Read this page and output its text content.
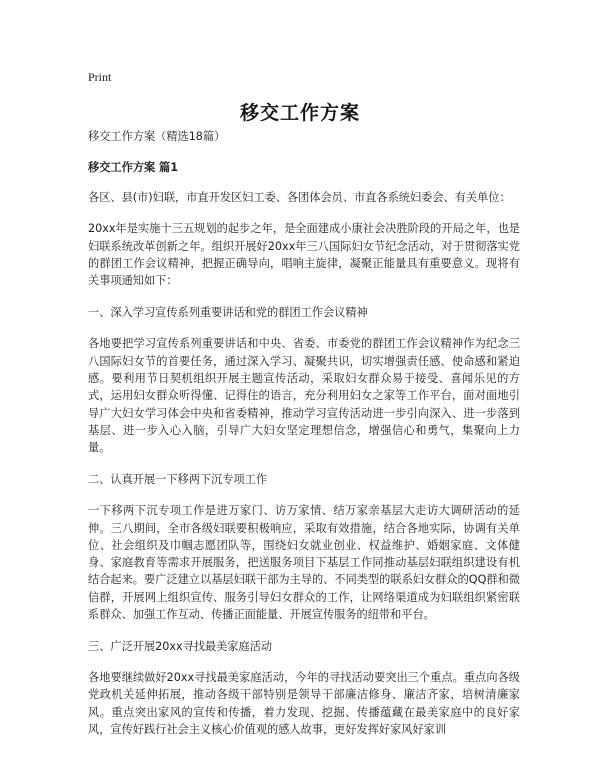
Print
移交工作方案

移交工作方案（精选18篇）

移交工作方案 篇1

各区、县(市)妇联，市直开发区妇工委、各团体会员、市直各系统妇委会、有关单位：

20xx年是实施十三五规划的起步之年，是全面建成小康社会决胜阶段的开局之年，也是妇联系统改革创新之年。组织开展好20xx年三八国际妇女节纪念活动，对于贯彻落实党的群团工作会议精神，把握正确导向，唱响主旋律，凝聚正能量具有重要意义。现将有关事项通知如下：

一、深入学习宣传系列重要讲话和党的群团工作会议精神

各地要把学习宣传系列重要讲话和中央、省委、市委党的群团工作会议精神作为纪念三八国际妇女节的首要任务，通过深入学习、凝聚共识，切实增强责任感、使命感和紧迫感。要利用节日契机组织开展主题宣传活动，采取妇女群众易于接受、喜闻乐见的方式，运用妇女群众听得懂、记得住的语言，充分利用妇女之家等工作平台，面对面地引导广大妇女学习体会中央和省委精神，推动学习宣传活动进一步引向深入、进一步落到基层、进一步入心入脑，引导广大妇女坚定理想信念，增强信心和勇气，集聚向上力量。

二、认真开展一下移两下沉专项工作

一下移两下沉专项工作是进万家门、访万家情、结万家亲基层大走访大调研活动的延伸。三八期间，全市各级妇联要积极响应，采取有效措施，结合各地实际，协调有关单位、社会组织及巾帼志愿团队等，围绕妇女就业创业、权益维护、婚姻家庭、文体健身、家庭教育等需求开展服务，把送服务项目下基层工作同推动基层妇联组织建设有机结合起来。要广泛建立以基层妇联干部为主导的、不同类型的联系妇女群众的QQ群和微信群，开展网上组织宣传、服务引导妇女群众的工作，让网络渠道成为妇联组织紧密联系群众、加强工作互动、传播正面能量、开展宣传服务的纽带和平台。

三、广泛开展20xx寻找最美家庭活动

各地要继续做好20xx寻找最美家庭活动，今年的寻找活动要突出三个重点。重点向各级党政机关延伸拓展，推动各级干部特别是领导干部廉洁修身、廉洁齐家，培树清廉家风。重点突出家风的宣传和传播，着力发现、挖掘、传播蕴藏在最美家庭中的良好家风，宣传好践行社会主义核心价值观的感人故事，更好发挥好家风好家训
